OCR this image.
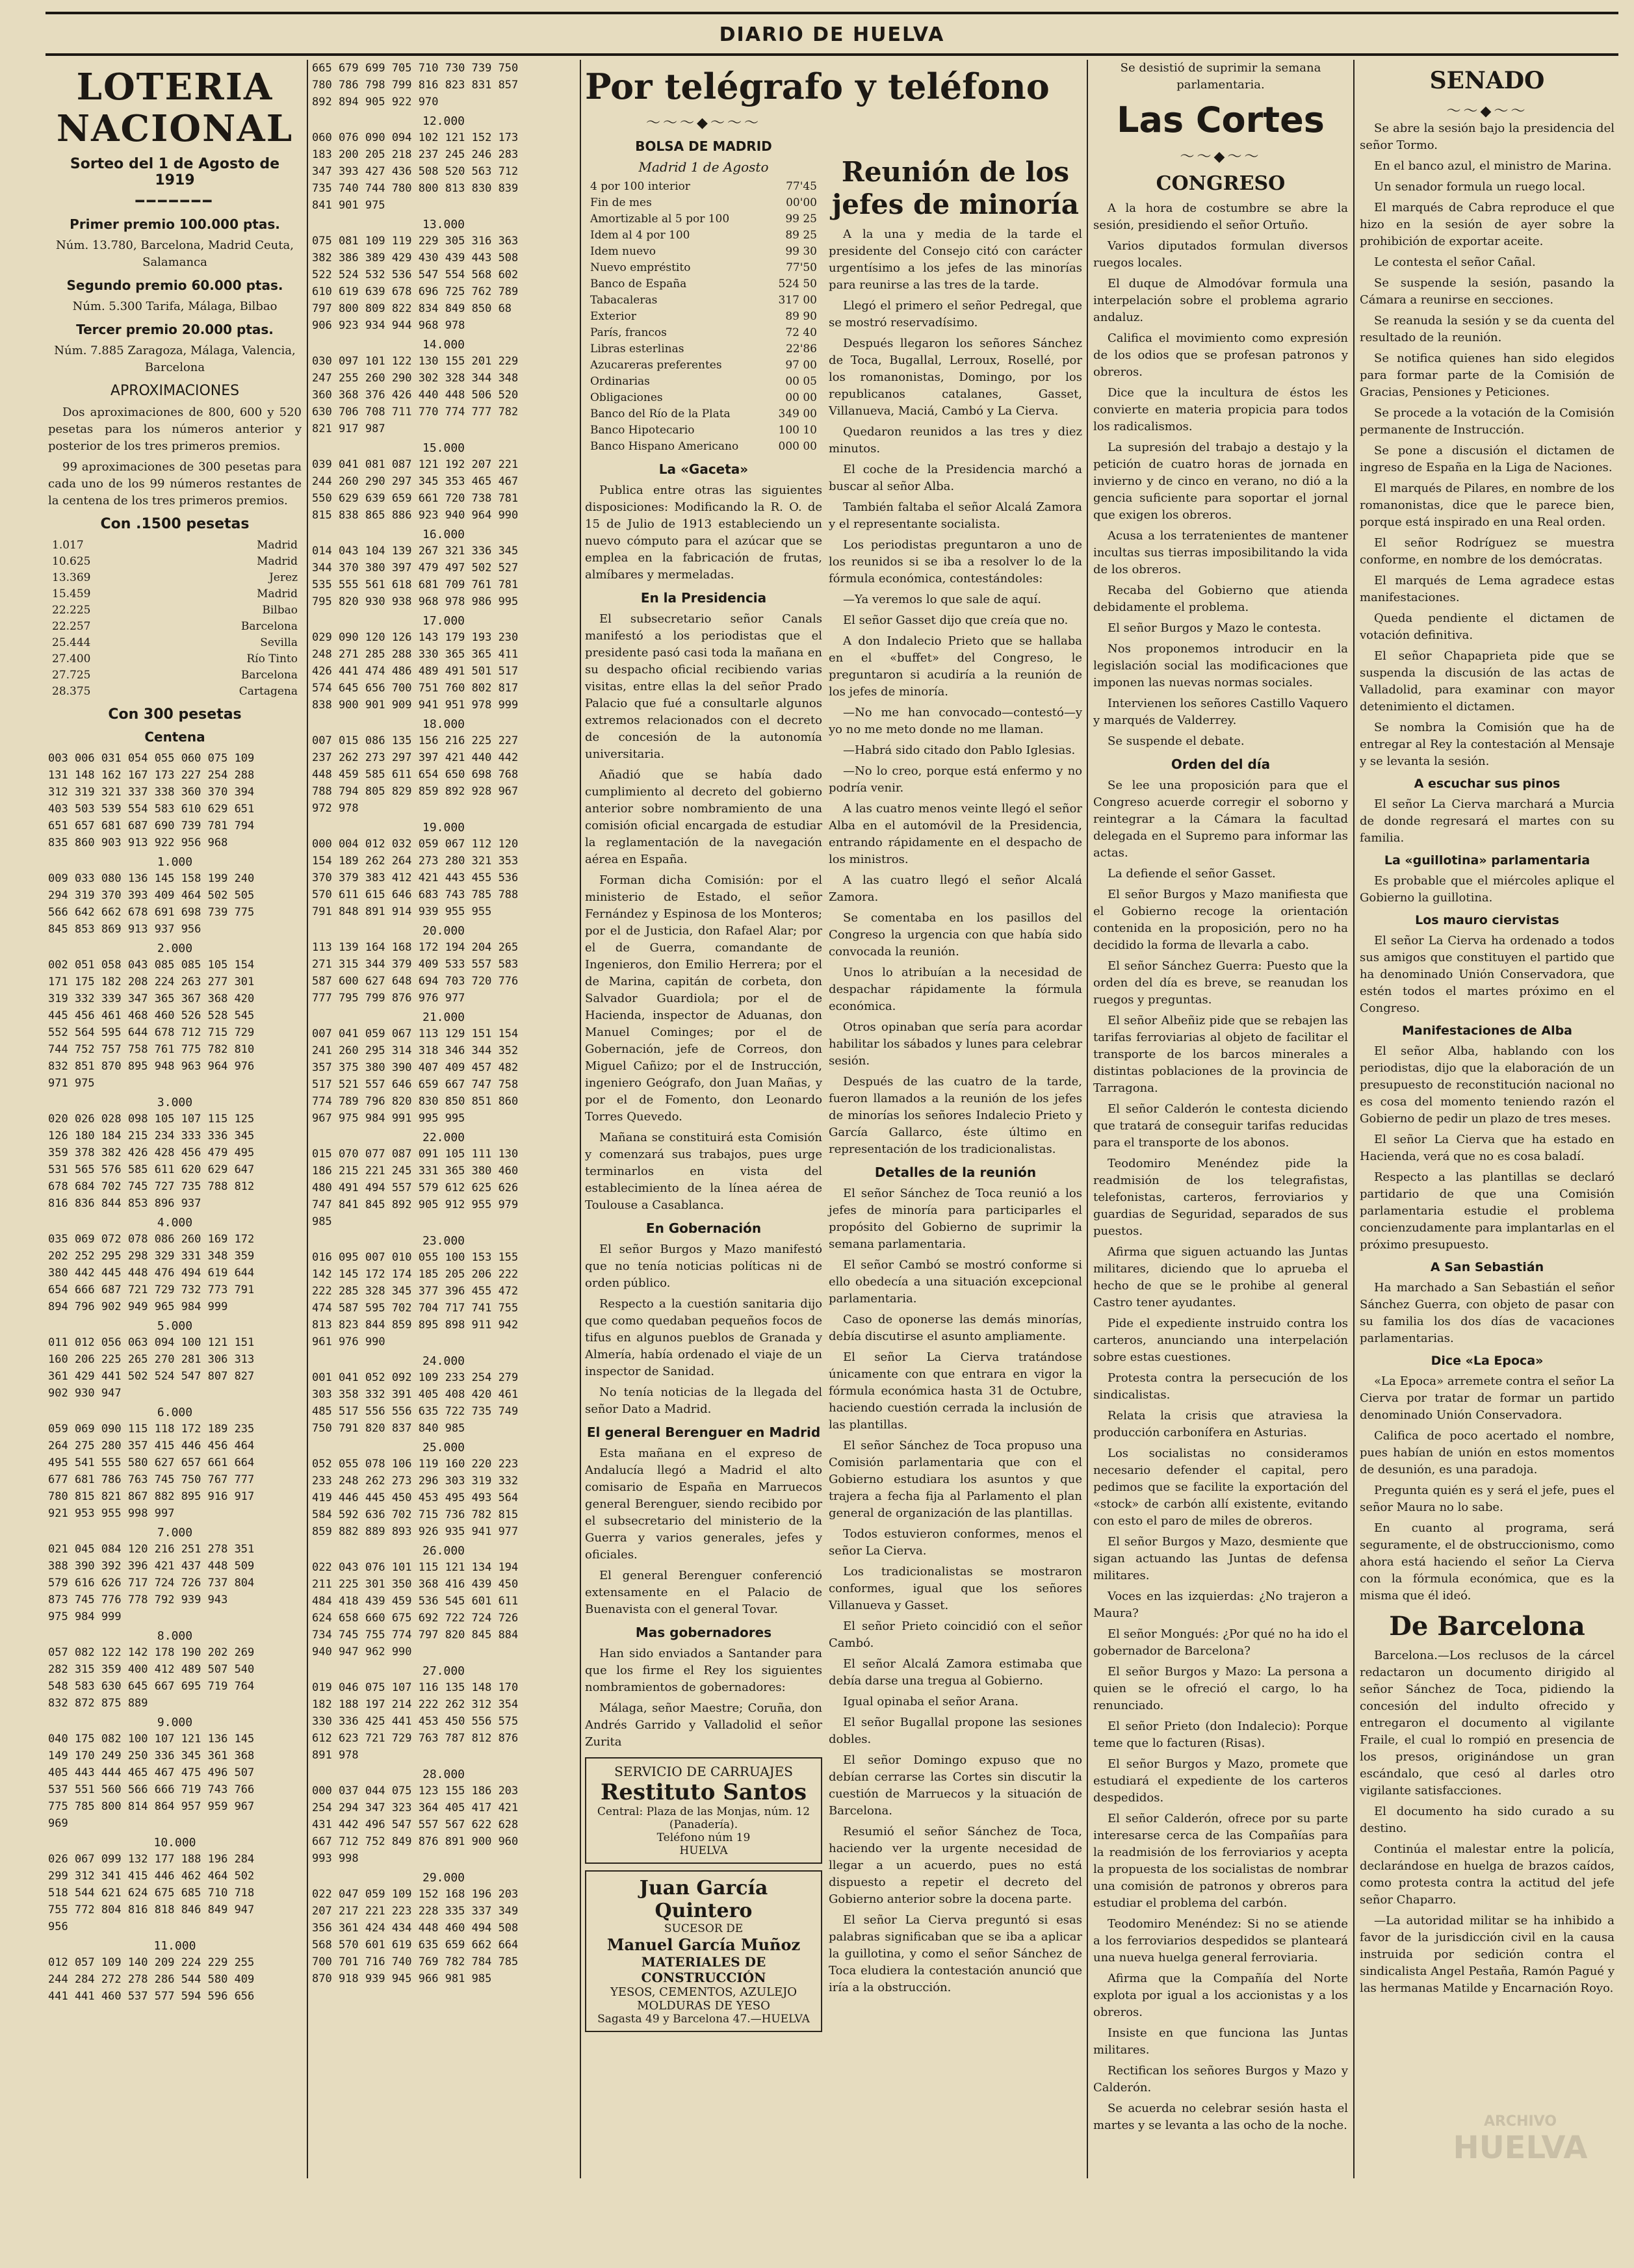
DIARIO DE HUELVA
LOTERIA NACIONAL
Sorteo del 1 de Agosto de 1919
━━━━━━━
Primer premio 100.000 ptas.
Núm. 13.780, Barcelona, Madrid Ceuta, Salamanca
Segundo premio 60.000 ptas.
Núm. 5.300 Tarifa, Málaga, Bilbao
Tercer premio 20.000 ptas.
Núm. 7.885 Zaragoza, Málaga, Valencia, Barcelona
APROXIMACIONES

Dos aproximaciones de 800, 600 y 520 pesetas para los números anterior y posterior de los tres primeros premios.

99 aproximaciones de 300 pesetas para cada uno de los 99 números restantes de la centena de los tres primeros premios.

Con .1500 pesetas
1.017	Madrid
10.625	Madrid
13.369	Jerez
15.459	Madrid
22.225	Bilbao
22.257	Barcelona
25.444	Sevilla
27.400	Río Tinto
27.725	Barcelona
28.375	Cartagena
Con 300 pesetas
Centena
003 006 031 054 055 060 075 109
131 148 162 167 173 227 254 288
312 319 321 337 338 360 370 394
403 503 539 554 583 610 629 651
651 657 681 687 690 739 781 794
835 860 903 913 922 956 968
1.000
009 033 080 136 145 158 199 240
294 319 370 393 409 464 502 505
566 642 662 678 691 698 739 775
845 853 869 913 937 956
2.000
002 051 058 043 085 085 105 154
171 175 182 208 224 263 277 301
319 332 339 347 365 367 368 420
445 456 461 468 460 526 528 545
552 564 595 644 678 712 715 729
744 752 757 758 761 775 782 810
832 851 870 895 948 963 964 976
971 975
3.000
020 026 028 098 105 107 115 125
126 180 184 215 234 333 336 345
359 378 382 426 428 456 479 495
531 565 576 585 611 620 629 647
678 684 702 745 727 735 788 812
816 836 844 853 896 937
4.000
035 069 072 078 086 260 169 172
202 252 295 298 329 331 348 359
380 442 445 448 476 494 619 644
654 666 687 721 729 732 773 791
894 796 902 949 965 984 999
5.000
011 012 056 063 094 100 121 151
160 206 225 265 270 281 306 313
361 429 441 502 524 547 807 827
902 930 947
6.000
059 069 090 115 118 172 189 235
264 275 280 357 415 446 456 464
495 541 555 580 627 657 661 664
677 681 786 763 745 750 767 777
780 815 821 867 882 895 916 917
921 953 955 998 997
7.000
021 045 084 120 216 251 278 351
388 390 392 396 421 437 448 509
579 616 626 717 724 726 737 804
873 745 776 778 792 939 943
975 984 999
8.000
057 082 122 142 178 190 202 269
282 315 359 400 412 489 507 540
548 583 630 645 667 695 719 764
832 872 875 889
9.000
040 175 082 100 107 121 136 145
149 170 249 250 336 345 361 368
405 443 444 465 467 475 496 507
537 551 560 566 666 719 743 766
775 785 800 814 864 957 959 967
969
10.000
026 067 099 132 177 188 196 284
299 312 341 415 446 462 464 502
518 544 621 624 675 685 710 718
755 772 804 816 818 846 849 947
956
11.000
012 057 109 140 209 224 229 255
244 284 272 278 286 544 580 409
441 441 460 537 577 594 596 656
665 679 699 705 710 730 739 750
780 786 798 799 816 823 831 857
892 894 905 922 970
12.000
060 076 090 094 102 121 152 173
183 200 205 218 237 245 246 283
347 393 427 436 508 520 563 712
735 740 744 780 800 813 830 839
841 901 975
13.000
075 081 109 119 229 305 316 363
382 386 389 429 430 439 443 508
522 524 532 536 547 554 568 602
610 619 639 678 696 725 762 789
797 800 809 822 834 849 850 68
906 923 934 944 968 978
14.000
030 097 101 122 130 155 201 229
247 255 260 290 302 328 344 348
360 368 376 426 440 448 506 520
630 706 708 711 770 774 777 782
821 917 987
15.000
039 041 081 087 121 192 207 221
244 260 290 297 345 353 465 467
550 629 639 659 661 720 738 781
815 838 865 886 923 940 964 990
16.000
014 043 104 139 267 321 336 345
344 370 380 397 479 497 502 527
535 555 561 618 681 709 761 781
795 820 930 938 968 978 986 995
17.000
029 090 120 126 143 179 193 230
248 271 285 288 330 365 365 411
426 441 474 486 489 491 501 517
574 645 656 700 751 760 802 817
838 900 901 909 941 951 978 999
18.000
007 015 086 135 156 216 225 227
237 262 273 297 397 421 440 442
448 459 585 611 654 650 698 768
788 794 805 829 859 892 928 967
972 978
19.000
000 004 012 032 059 067 112 120
154 189 262 264 273 280 321 353
370 379 383 412 421 443 455 536
570 611 615 646 683 743 785 788
791 848 891 914 939 955 955
20.000
113 139 164 168 172 194 204 265
271 315 344 379 409 533 557 583
587 600 627 648 694 703 720 776
777 795 799 876 976 977
21.000
007 041 059 067 113 129 151 154
241 260 295 314 318 346 344 352
357 375 380 390 407 409 457 482
517 521 557 646 659 667 747 758
774 789 796 820 830 850 851 860
967 975 984 991 995 995
22.000
015 070 077 087 091 105 111 130
186 215 221 245 331 365 380 460
480 491 494 557 579 612 625 626
747 841 845 892 905 912 955 979
985
23.000
016 095 007 010 055 100 153 155
142 145 172 174 185 205 206 222
222 285 328 345 377 396 455 472
474 587 595 702 704 717 741 755
813 823 844 859 895 898 911 942
961 976 990
24.000
001 041 052 092 109 233 254 279
303 358 332 391 405 408 420 461
485 517 556 556 635 722 735 749
750 791 820 837 840 985
25.000
052 055 078 106 119 160 220 223
233 248 262 273 296 303 319 332
419 446 445 450 453 495 493 564
584 592 636 702 715 736 782 815
859 882 889 893 926 935 941 977
26.000
022 043 076 101 115 121 134 194
211 225 301 350 368 416 439 450
484 418 439 459 536 545 601 611
624 658 660 675 692 722 724 726
734 745 755 774 797 820 845 884
940 947 962 990
27.000
019 046 075 107 116 135 148 170
182 188 197 214 222 262 312 354
330 336 425 441 453 450 556 575
612 623 721 729 763 787 812 876
891 978
28.000
000 037 044 075 123 155 186 203
254 294 347 323 364 405 417 421
431 442 496 547 557 567 622 628
667 712 752 849 876 891 900 960
993 998
29.000
022 047 059 109 152 168 196 203
207 217 221 223 228 335 337 349
356 361 424 434 448 460 494 508
568 570 601 619 635 659 662 664
700 701 716 740 769 782 784 785
870 918 939 945 966 981 985
Por telégrafo y teléfono
～～～◆～～～
BOLSA DE MADRID
Madrid 1 de Agosto
4 por 100 interior	77'45
Fin de mes	00'00
Amortizable al 5 por 100	99 25
Idem al 4 por 100	89 25
Idem nuevo	99 30
Nuevo empréstito	77'50
Banco de España	524 50
Tabacaleras	317 00
Exterior	89 90
París, francos	72 40
Libras esterlinas	22'86
Azucareras preferentes	97 00
Ordinarias	00 05
Obligaciones	00 00
Banco del Río de la Plata	349 00
Banco Hipotecario	100 10
Banco Hispano Americano	000 00
La «Gaceta»

Publica entre otras las siguientes disposiciones: Modificando la R. O. de 15 de Julio de 1913 estableciendo un nuevo cómputo para el azúcar que se emplea en la fabricación de frutas, almíbares y mermeladas.

En la Presidencia

El subsecretario señor Canals manifestó a los periodistas que el presidente pasó casi toda la mañana en su despacho oficial recibiendo varias visitas, entre ellas la del señor Prado Palacio que fué a consultarle algunos extremos relacionados con el decreto de concesión de la autonomía universitaria.

Añadió que se había dado cumplimiento al decreto del gobierno anterior sobre nombramiento de una comisión oficial encargada de estudiar la reglamentación de la navegación aérea en España.

Forman dicha Comisión: por el ministerio de Estado, el señor Fernández y Espinosa de los Monteros; por el de Justicia, don Rafael Alar; por el de Guerra, comandante de Ingenieros, don Emilio Herrera; por el de Marina, capitán de corbeta, don Salvador Guardiola; por el de Hacienda, inspector de Aduanas, don Manuel Cominges; por el de Gobernación, jefe de Correos, don Miguel Cañizo; por el de Instrucción, ingeniero Geógrafo, don Juan Mañas, y por el de Fomento, don Leonardo Torres Quevedo.

Mañana se constituirá esta Comisión y comenzará sus trabajos, pues urge terminarlos en vista del establecimiento de la línea aérea de Toulouse a Casablanca.

En Gobernación

El señor Burgos y Mazo manifestó que no tenía noticias políticas ni de orden público.

Respecto a la cuestión sanitaria dijo que como quedaban pequeños focos de tifus en algunos pueblos de Granada y Almería, había ordenado el viaje de un inspector de Sanidad.

No tenía noticias de la llegada del señor Dato a Madrid.

El general Berenguer en Madrid

Esta mañana en el expreso de Andalucía llegó a Madrid el alto comisario de España en Marruecos general Berenguer, siendo recibido por el subsecretario del ministerio de la Guerra y varios generales, jefes y oficiales.

El general Berenguer conferenció extensamente en el Palacio de Buenavista con el general Tovar.

Mas gobernadores

Han sido enviados a Santander para que los firme el Rey los siguientes nombramientos de gobernadores:

Málaga, señor Maestre; Coruña, don Andrés Garrido y Valladolid el señor Zurita

SERVICIO DE CARRUAJES
Restituto Santos
Central: Plaza de las Monjas, núm. 12 (Panadería).
Teléfono núm 19
HUELVA
Juan García Quintero
SUCESOR DE
Manuel García Muñoz
MATERIALES DE CONSTRUCCIÓN
YESOS, CEMENTOS, AZULEJO
MOLDURAS DE YESO
Sagasta 49 y Barcelona 47.—HUELVA
Reunión de los jefes de minoría

A la una y media de la tarde el presidente del Consejo citó con carácter urgentísimo a los jefes de las minorías para reunirse a las tres de la tarde.

Llegó el primero el señor Pedregal, que se mostró reservadísimo.

Después llegaron los señores Sánchez de Toca, Bugallal, Lerroux, Rosellé, por los romanonistas, Domingo, por los republicanos catalanes, Gasset, Villanueva, Maciá, Cambó y La Cierva.

Quedaron reunidos a las tres y diez minutos.

El coche de la Presidencia marchó a buscar al señor Alba.

También faltaba el señor Alcalá Zamora y el representante socialista.

Los periodistas preguntaron a uno de los reunidos si se iba a resolver lo de la fórmula económica, contestándoles:

—Ya veremos lo que sale de aquí.

El señor Gasset dijo que creía que no.

A don Indalecio Prieto que se hallaba en el «buffet» del Congreso, le preguntaron si acudiría a la reunión de los jefes de minoría.

—No me han convocado—contestó—y yo no me meto donde no me llaman.

—Habrá sido citado don Pablo Iglesias.

—No lo creo, porque está enfermo y no podría venir.

A las cuatro menos veinte llegó el señor Alba en el automóvil de la Presidencia, entrando rápidamente en el despacho de los ministros.

A las cuatro llegó el señor Alcalá Zamora.

Se comentaba en los pasillos del Congreso la urgencia con que había sido convocada la reunión.

Unos lo atribuían a la necesidad de despachar rápidamente la fórmula económica.

Otros opinaban que sería para acordar habilitar los sábados y lunes para celebrar sesión.

Después de las cuatro de la tarde, fueron llamados a la reunión de los jefes de minorías los señores Indalecio Prieto y García Gallarco, éste último en representación de los tradicionalistas.

Detalles de la reunión

El señor Sánchez de Toca reunió a los jefes de minoría para participarles el propósito del Gobierno de suprimir la semana parlamentaria.

El señor Cambó se mostró conforme si ello obedecía a una situación excepcional parlamentaria.

Caso de oponerse las demás minorías, debía discutirse el asunto ampliamente.

El señor La Cierva tratándose únicamente con que entrara en vigor la fórmula económica hasta 31 de Octubre, haciendo cuestión cerrada la inclusión de las plantillas.

El señor Sánchez de Toca propuso una Comisión parlamentaria que con el Gobierno estudiara los asuntos y que trajera a fecha fija al Parlamento el plan general de organización de las plantillas.

Todos estuvieron conformes, menos el señor La Cierva.

Los tradicionalistas se mostraron conformes, igual que los señores Villanueva y Gasset.

El señor Prieto coincidió con el señor Cambó.

El señor Alcalá Zamora estimaba que debía darse una tregua al Gobierno.

Igual opinaba el señor Arana.

El señor Bugallal propone las sesiones dobles.

El señor Domingo expuso que no debían cerrarse las Cortes sin discutir la cuestión de Marruecos y la situación de Barcelona.

Resumió el señor Sánchez de Toca, haciendo ver la urgente necesidad de llegar a un acuerdo, pues no está dispuesto a repetir el decreto del Gobierno anterior sobre la docena parte.

El señor La Cierva preguntó si esas palabras significaban que se iba a aplicar la guillotina, y como el señor Sánchez de Toca eludiera la contestación anunció que iría a la obstrucción.

Se desistió de suprimir la semana parlamentaria.

Las Cortes
～～◆～～
CONGRESO

A la hora de costumbre se abre la sesión, presidiendo el señor Ortuño.

Varios diputados formulan diversos ruegos locales.

El duque de Almodóvar formula una interpelación sobre el problema agrario andaluz.

Califica el movimiento como expresión de los odios que se profesan patronos y obreros.

Dice que la incultura de éstos les convierte en materia propicia para todos los radicalismos.

La supresión del trabajo a destajo y la petición de cuatro horas de jornada en invierno y de cinco en verano, no dió a la gencia suficiente para soportar el jornal que exigen los obreros.

Acusa a los terratenientes de mantener incultas sus tierras imposibilitando la vida de los obreros.

Recaba del Gobierno que atienda debidamente el problema.

El señor Burgos y Mazo le contesta.

Nos proponemos introducir en la legislación social las modificaciones que imponen las nuevas normas sociales.

Intervienen los señores Castillo Vaquero y marqués de Valderrey.

Se suspende el debate.

Orden del día

Se lee una proposición para que el Congreso acuerde corregir el soborno y reintegrar a la Cámara la facultad delegada en el Supremo para informar las actas.

La defiende el señor Gasset.

El señor Burgos y Mazo manifiesta que el Gobierno recoge la orientación contenida en la proposición, pero no ha decidido la forma de llevarla a cabo.

El señor Sánchez Guerra: Puesto que la orden del día es breve, se reanudan los ruegos y preguntas.

El señor Albeñiz pide que se rebajen las tarifas ferroviarias al objeto de facilitar el transporte de los barcos minerales a distintas poblaciones de la provincia de Tarragona.

El señor Calderón le contesta diciendo que tratará de conseguir tarifas reducidas para el transporte de los abonos.

Teodomiro Menéndez pide la readmisión de los telegrafistas, telefonistas, carteros, ferroviarios y guardias de Seguridad, separados de sus puestos.

Afirma que siguen actuando las Juntas militares, diciendo que lo aprueba el hecho de que se le prohibe al general Castro tener ayudantes.

Pide el expediente instruido contra los carteros, anunciando una interpelación sobre estas cuestiones.

Protesta contra la persecución de los sindicalistas.

Relata la crisis que atraviesa la producción carbonífera en Asturias.

Los socialistas no consideramos necesario defender el capital, pero pedimos que se facilite la exportación del «stock» de carbón allí existente, evitando con esto el paro de miles de obreros.

El señor Burgos y Mazo, desmiente que sigan actuando las Juntas de defensa militares.

Voces en las izquierdas: ¿No trajeron a Maura?

El señor Mongués: ¿Por qué no ha ido el gobernador de Barcelona?

El señor Burgos y Mazo: La persona a quien se le ofreció el cargo, lo ha renunciado.

El señor Prieto (don Indalecio): Porque teme que lo facturen (Risas).

El señor Burgos y Mazo, promete que estudiará el expediente de los carteros despedidos.

El señor Calderón, ofrece por su parte interesarse cerca de las Compañías para la readmisión de los ferroviarios y acepta la propuesta de los socialistas de nombrar una comisión de patronos y obreros para estudiar el problema del carbón.

Teodomiro Menéndez: Si no se atiende a los ferroviarios despedidos se planteará una nueva huelga general ferroviaria.

Afirma que la Compañía del Norte explota por igual a los accionistas y a los obreros.

Insiste en que funciona las Juntas militares.

Rectifican los señores Burgos y Mazo y Calderón.

Se acuerda no celebrar sesión hasta el martes y se levanta a las ocho de la noche.

SENADO
～～◆～～

Se abre la sesión bajo la presidencia del señor Tormo.

En el banco azul, el ministro de Marina.

Un senador formula un ruego local.

El marqués de Cabra reproduce el que hizo en la sesión de ayer sobre la prohibición de exportar aceite.

Le contesta el señor Cañal.

Se suspende la sesión, pasando la Cámara a reunirse en secciones.

Se reanuda la sesión y se da cuenta del resultado de la reunión.

Se notifica quienes han sido elegidos para formar parte de la Comisión de Gracias, Pensiones y Peticiones.

Se procede a la votación de la Comisión permanente de Instrucción.

Se pone a discusión el dictamen de ingreso de España en la Liga de Naciones.

El marqués de Pilares, en nombre de los romanonistas, dice que le parece bien, porque está inspirado en una Real orden.

El señor Rodríguez se muestra conforme, en nombre de los demócratas.

El marqués de Lema agradece estas manifestaciones.

Queda pendiente el dictamen de votación definitiva.

El señor Chapaprieta pide que se suspenda la discusión de las actas de Valladolid, para examinar con mayor detenimiento el dictamen.

Se nombra la Comisión que ha de entregar al Rey la contestación al Mensaje y se levanta la sesión.

A escuchar sus pinos

El señor La Cierva marchará a Murcia de donde regresará el martes con su familia.

La «guillotina» parlamentaria

Es probable que el miércoles aplique el Gobierno la guillotina.

Los mauro ciervistas

El señor La Cierva ha ordenado a todos sus amigos que constituyen el partido que ha denominado Unión Conservadora, que estén todos el martes próximo en el Congreso.

Manifestaciones de Alba

El señor Alba, hablando con los periodistas, dijo que la elaboración de un presupuesto de reconstitución nacional no es cosa del momento teniendo razón el Gobierno de pedir un plazo de tres meses.

El señor La Cierva que ha estado en Hacienda, verá que no es cosa baladí.

Respecto a las plantillas se declaró partidario de que una Comisión parlamentaria estudie el problema concienzudamente para implantarlas en el próximo presupuesto.

A San Sebastián

Ha marchado a San Sebastián el señor Sánchez Guerra, con objeto de pasar con su familia los dos días de vacaciones parlamentarias.

Dice «La Epoca»

«La Epoca» arremete contra el señor La Cierva por tratar de formar un partido denominado Unión Conservadora.

Califica de poco acertado el nombre, pues habían de unión en estos momentos de desunión, es una paradoja.

Pregunta quién es y será el jefe, pues el señor Maura no lo sabe.

En cuanto al programa, será seguramente, el de obstruccionismo, como ahora está haciendo el señor La Cierva con la fórmula económica, que es la misma que él ideó.

De Barcelona

Barcelona.—Los reclusos de la cárcel redactaron un documento dirigido al señor Sánchez de Toca, pidiendo la concesión del indulto ofrecido y entregaron el documento al vigilante Fraile, el cual lo rompió en presencia de los presos, originándose un gran escándalo, que cesó al darles otro vigilante satisfacciones.

El documento ha sido curado a su destino.

Continúa el malestar entre la policía, declarándose en huelga de brazos caídos, como protesta contra la actitud del jefe señor Chaparro.

—La autoridad militar se ha inhibido a favor de la jurisdicción civil en la causa instruida por sedición contra el sindicalista Angel Pestaña, Ramón Pagué y las hermanas Matilde y Encarnación Royo.

ARCHIVO
HUELVA
